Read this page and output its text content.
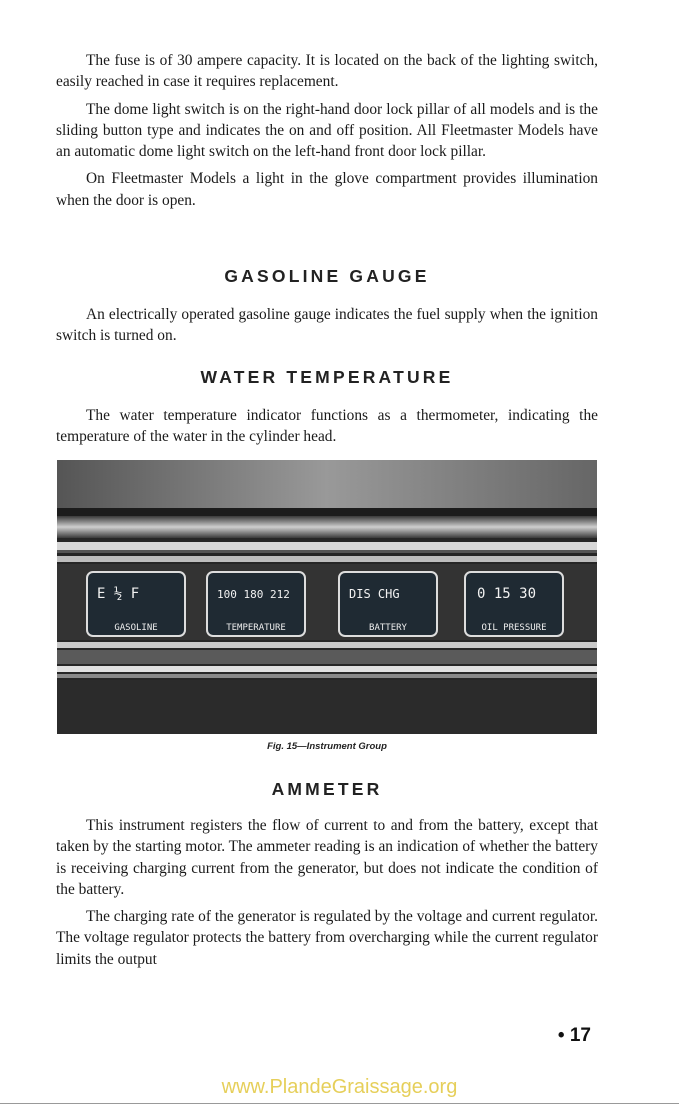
The fuse is of 30 ampere capacity. It is located on the back of the lighting switch, easily reached in case it requires replacement.

The dome light switch is on the right-hand door lock pillar of all models and is the sliding button type and indicates the on and off position. All Fleetmaster Models have an automatic dome light switch on the left-hand front door lock pillar.

On Fleetmaster Models a light in the glove compartment provides illumination when the door is open.

GASOLINE GAUGE

An electrically operated gasoline gauge indicates the fuel supply when the ignition switch is turned on.

WATER TEMPERATURE

The water temperature indicator functions as a thermometer, indicating the temperature of the water in the cylinder head.

E ½ F	100 180 212	DIS CHG	0 15 30
GASOLINE	TEMPERATURE	BATTERY	OIL PRESSURE
Fig. 15—Instrument Group
AMMETER

This instrument registers the flow of current to and from the battery, except that taken by the starting motor. The ammeter reading is an indication of whether the battery is receiving charging current from the generator, but does not indicate the condition of the battery.

The charging rate of the generator is regulated by the voltage and current regulator. The voltage regulator protects the battery from overcharging while the current regulator limits the output

• 17
www.PlandeGraissage.org
